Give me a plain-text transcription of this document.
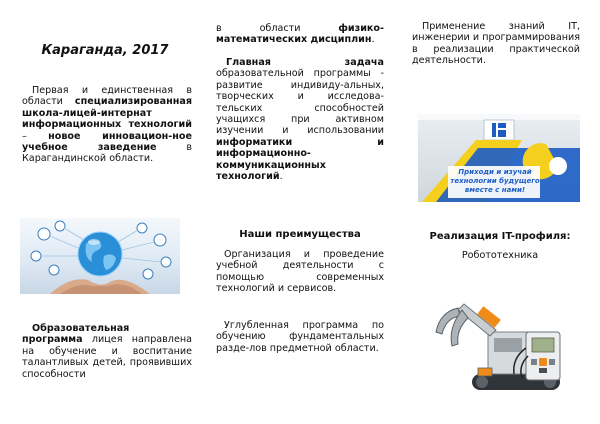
Караганда, 2017
Первая и единственная в области специализированная школа-лицей-интернат информационных технологий – новое инновацион-ное учебное заведение в Карагандинской области.
Образовательная программа лицея направлена на обучение и воспитание талантливых детей, проявивших способности
в области физико-математических дисциплин.
Главная задача образовательной программы - развитие индивиду-альных, творческих и исследова-тельских способностей учащихся при активном изучении и использовании информатики и информационно-коммуникационных технологий.
Наши преимущества
Организация и проведение учебной деятельности с помощью современных технологий и сервисов.
Углубленная программа по обучению фундаментальных разде-лов предметной области.
Применение знаний IT, инженерии и программирования в реализации практической деятельности.
Приходи и изучай технологии будущего вместе с нами!
Реализация IT-профиля:
Робототехника
